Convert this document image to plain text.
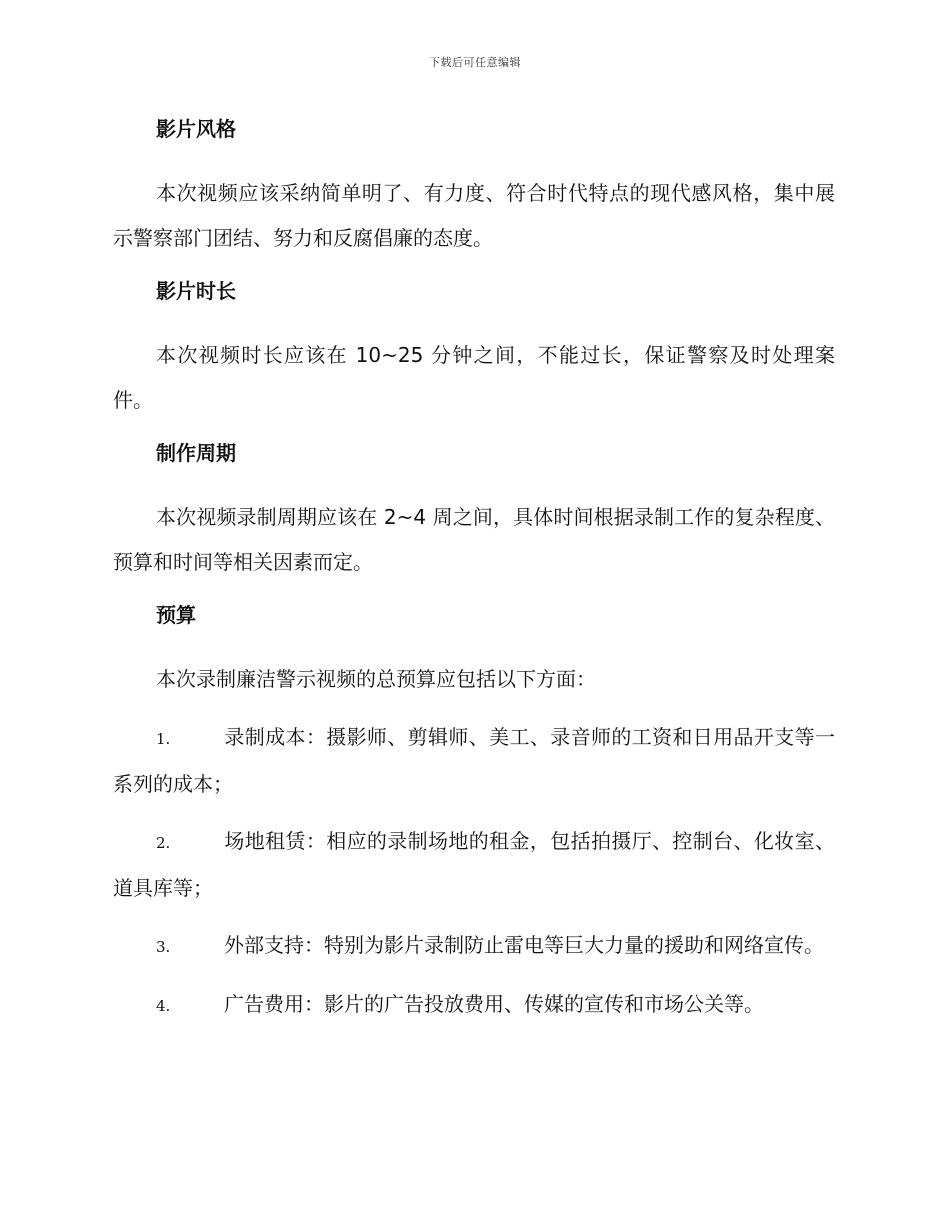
下载后可任意编辑
影片风格

本次视频应该采纳简单明了、有力度、符合时代特点的现代感风格，集中展示警察部门团结、努力和反腐倡廉的态度。

影片时长

本次视频时长应该在 10~25 分钟之间，不能过长，保证警察及时处理案件。

制作周期

本次视频录制周期应该在 2~4 周之间，具体时间根据录制工作的复杂程度、预算和时间等相关因素而定。

预算

本次录制廉洁警示视频的总预算应包括以下方面：

1.	录制成本：摄影师、剪辑师、美工、录音师的工资和日用品开支等一系列的成本；
2.	场地租赁：相应的录制场地的租金，包括拍摄厅、控制台、化妆室、道具库等；
3.	外部支持：特别为影片录制防止雷电等巨大力量的援助和网络宣传。
4.	广告费用：影片的广告投放费用、传媒的宣传和市场公关等。
